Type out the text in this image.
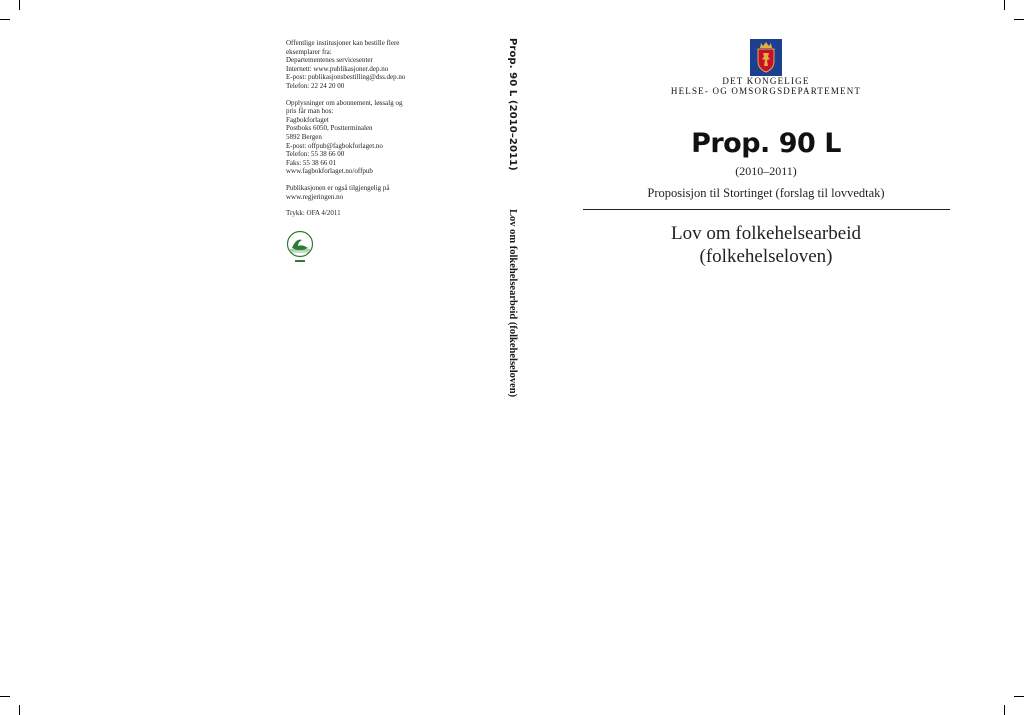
Offentlige institusjoner kan bestille flere
eksemplarer fra:
Departementenes servicesenter
Internett: www.publikasjoner.dep.no
E-post: publikasjonsbestilling@dss.dep.no
Telefon: 22 24 20 00
Opplysninger om abonnement, løssalg og
pris får man hos:
Fagbokforlaget
Postboks 6050, Postterminalen
5892 Bergen
E-post: offpub@fagbokforlaget.no
Telefon: 55 38 66 00
Faks: 55 38 66 01
www.fagbokforlaget.no/offpub
Publikasjonen er også tilgjengelig på
www.regjeringen.no
Trykk: OFA 4/2011
Prop. 90 L (2010–2011)
Lov om folkehelsearbeid (folkehelseloven)
DET KONGELIGE
HELSE- OG OMSORGSDEPARTEMENT
Prop. 90 L
(2010–2011)
Proposisjon til Stortinget (forslag til lovvedtak)
Lov om folkehelsearbeid
(folkehelseloven)
